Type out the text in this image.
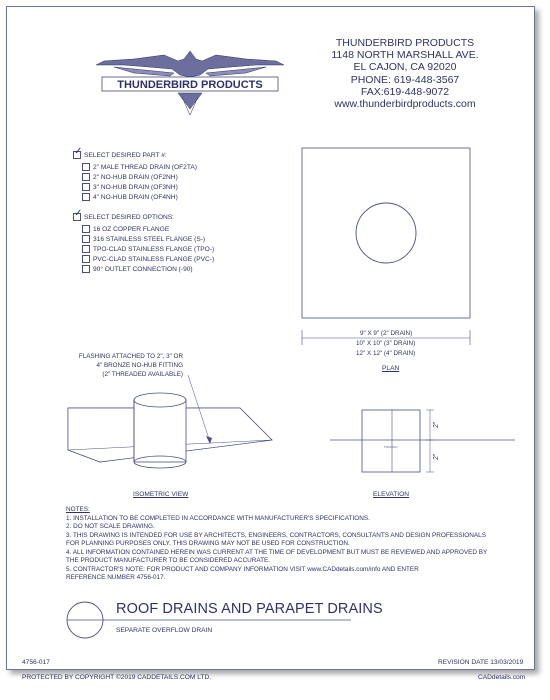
THUNDERBIRD PRODUCTS
THUNDERBIRD PRODUCTS
1148 NORTH MARSHALL AVE.
EL CAJON, CA 92020
PHONE: 619-448-3567
FAX:619-448-9072
www.thunderbirdproducts.com
✓
SELECT DESIRED PART #:
2" MALE THREAD DRAIN (OF2TA)
2" NO-HUB DRAIN (OF2NH)
3" NO-HUB DRAIN (OF3NH)
4" NO-HUB DRAIN (OF4NH)
✓
SELECT DESIRED OPTIONS:
16 OZ COPPER FLANGE
316 STAINLESS STEEL FLANGE (S-)
TPO-CLAD STAINLESS FLANGE (TPO-)
PVC-CLAD STAINLESS FLANGE (PVC-)
90° OUTLET CONNECTION (-90)
9" X 9" (2" DRAIN)
10" X 10" (3" DRAIN)
12" X 12" (4" DRAIN)
PLAN
FLASHING ATTACHED TO 2", 3" OR
4" BRONZE NO-HUB FITTING
(2" THREADED AVAILABLE)
ISOMETRIC VIEW
TOOOOO
2"
2"
ELEVATION
NOTES:
1. INSTALLATION TO BE COMPLETED IN ACCORDANCE WITH MANUFACTURER'S SPECIFICATIONS.
2. DO NOT SCALE DRAWING.
3. THIS DRAWING IS INTENDED FOR USE BY ARCHITECTS, ENGINEERS, CONTRACTORS, CONSULTANTS AND DESIGN PROFESSIONALS
FOR PLANNING PURPOSES ONLY. THIS DRAWING MAY NOT BE USED FOR CONSTRUCTION.
4. ALL INFORMATION CONTAINED HEREIN WAS CURRENT AT THE TIME OF DEVELOPMENT BUT MUST BE REVIEWED AND APPROVED BY
THE PRODUCT MANUFACTURER TO BE CONSIDERED ACCURATE.
5. CONTRACTOR'S NOTE: FOR PRODUCT AND COMPANY INFORMATION VISIT www.CADdetails.com/info AND ENTER
REFERENCE NUMBER 4756-017.
ROOF DRAINS AND PARAPET DRAINS
SEPARATE OVERFLOW DRAIN
4756-017	REVISION DATE 13/03/2019
PROTECTED BY COPYRIGHT ©2019 CADDETAILS.COM LTD.	CADdetails.com
